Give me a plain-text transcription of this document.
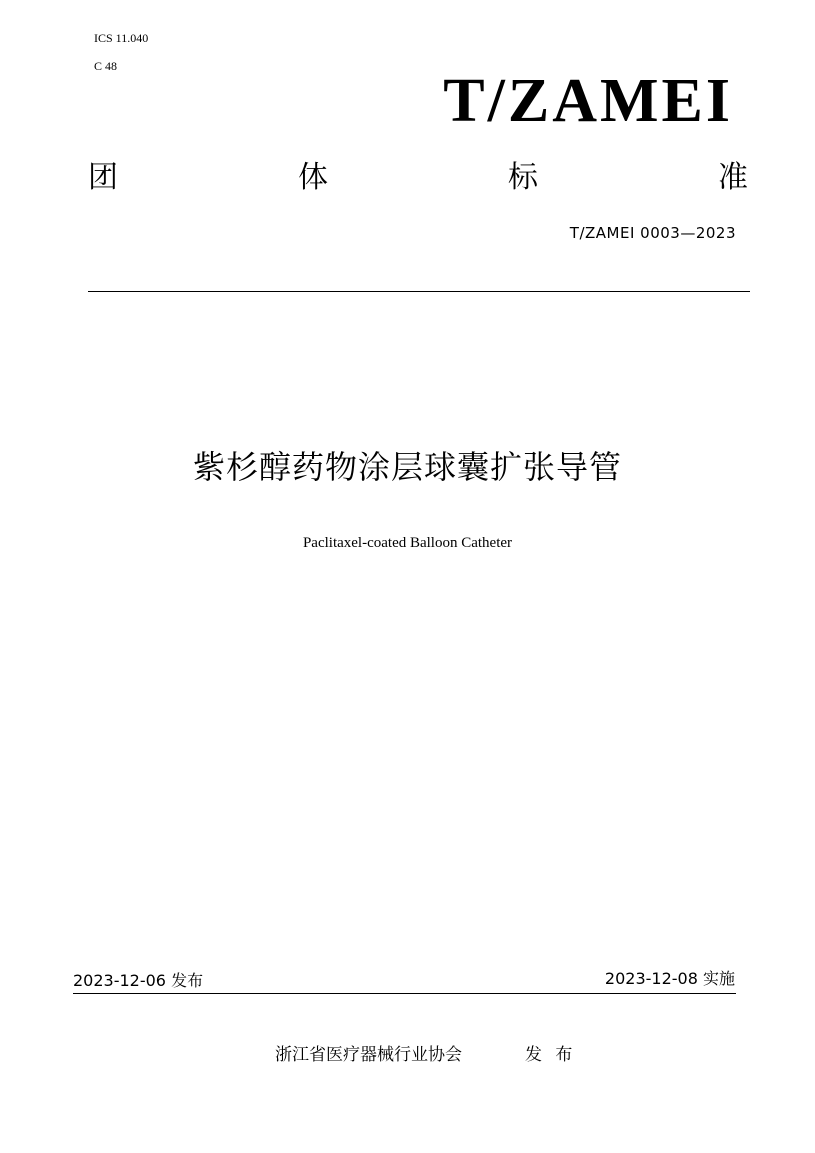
ICS 11.040
C 48
T/ZAMEI
团	体	标	准
T/ZAMEI 0003—2023
紫杉醇药物涂层球囊扩张导管
Paclitaxel-coated Balloon Catheter
2023-12-06 发布	2023-12-08 实施
浙江省医疗器械行业协会	发 布
